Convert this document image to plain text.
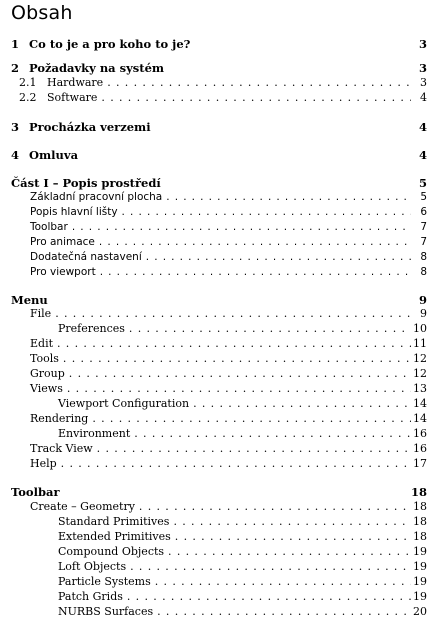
Obsah
1 Co to je a pro koho to je?	3
2 Požadavky na systém	3
2.1 Hardware . . .	3
2.2 Software . . .	4
3 Procházka verzemi	4
4 Omluva	4
Část I – Popis prostředí	5
Základní pracovní plocha . . .	5
Popis hlavní lišty . . .	6
Toolbar . . .	7
Pro animace . . .	7
Dodatečná nastavení . . .	8
Pro viewport . . .	8
Menu	9
File . . .	9
Preferences . . .	10
Edit . . .	11
Tools . . .	12
Group . . .	12
Views . . .	13
Viewport Configuration . . .	14
Rendering . . .	14
Environment . . .	16
Track View . . .	16
Help . . .	17
Toolbar	18
Create – Geometry . . .	18
Standard Primitives . . .	18
Extended Primitives . . .	18
Compound Objects . . .	19
Loft Objects . . .	19
Particle Systems . . .	19
Patch Grids . . .	19
NURBS Surfaces . . .	20
